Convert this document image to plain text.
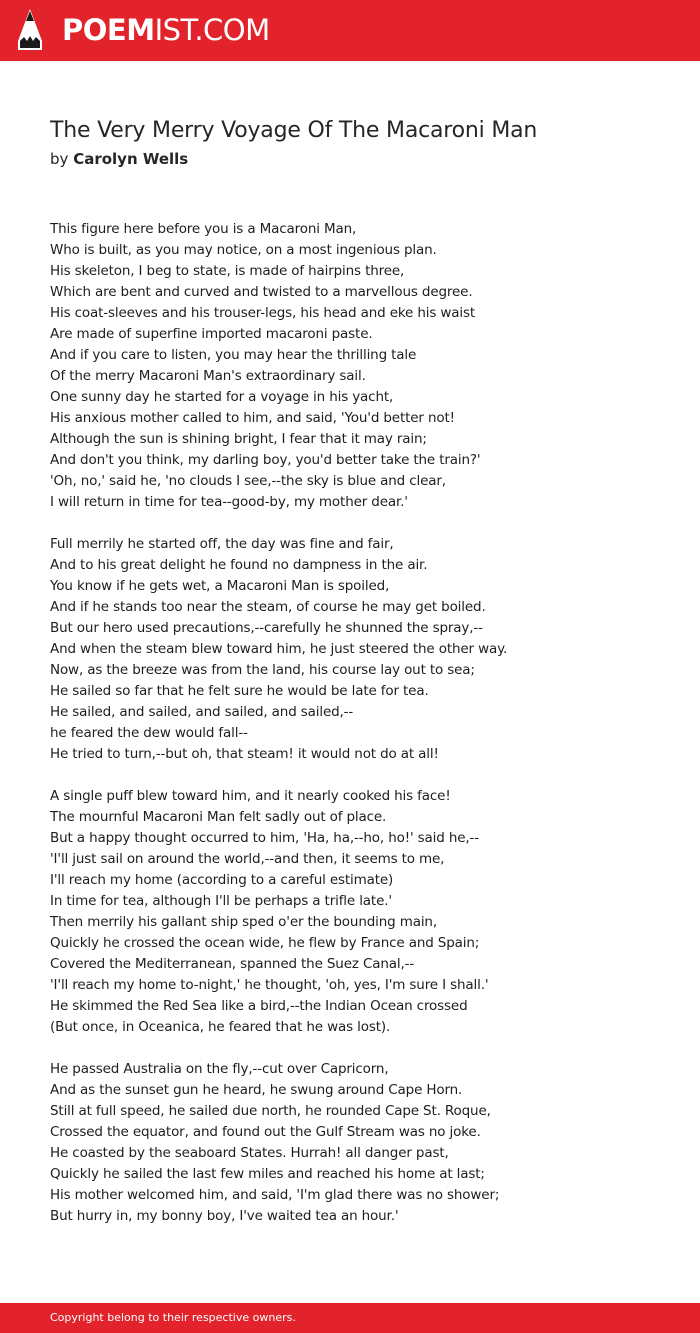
POEMIST.COM
The Very Merry Voyage Of The Macaroni Man
by Carolyn Wells
This figure here before you is a Macaroni Man,
Who is built, as you may notice, on a most ingenious plan.
His skeleton, I beg to state, is made of hairpins three,
Which are bent and curved and twisted to a marvellous degree.
His coat-sleeves and his trouser-legs, his head and eke his waist
Are made of superfine imported macaroni paste.
And if you care to listen, you may hear the thrilling tale
Of the merry Macaroni Man's extraordinary sail.
One sunny day he started for a voyage in his yacht,
His anxious mother called to him, and said, 'You'd better not!
Although the sun is shining bright, I fear that it may rain;
And don't you think, my darling boy, you'd better take the train?'
'Oh, no,' said he, 'no clouds I see,--the sky is blue and clear,
I will return in time for tea--good-by, my mother dear.'
Full merrily he started off, the day was fine and fair,
And to his great delight he found no dampness in the air.
You know if he gets wet, a Macaroni Man is spoiled,
And if he stands too near the steam, of course he may get boiled.
But our hero used precautions,--carefully he shunned the spray,--
And when the steam blew toward him, he just steered the other way.
Now, as the breeze was from the land, his course lay out to sea;
He sailed so far that he felt sure he would be late for tea.
He sailed, and sailed, and sailed, and sailed,--
he feared the dew would fall--
He tried to turn,--but oh, that steam! it would not do at all!
A single puff blew toward him, and it nearly cooked his face!
The mournful Macaroni Man felt sadly out of place.
But a happy thought occurred to him, 'Ha, ha,--ho, ho!' said he,--
'I'll just sail on around the world,--and then, it seems to me,
I'll reach my home (according to a careful estimate)
In time for tea, although I'll be perhaps a trifle late.'
Then merrily his gallant ship sped o'er the bounding main,
Quickly he crossed the ocean wide, he flew by France and Spain;
Covered the Mediterranean, spanned the Suez Canal,--
'I'll reach my home to-night,' he thought, 'oh, yes, I'm sure I shall.'
He skimmed the Red Sea like a bird,--the Indian Ocean crossed
(But once, in Oceanica, he feared that he was lost).
He passed Australia on the fly,--cut over Capricorn,
And as the sunset gun he heard, he swung around Cape Horn.
Still at full speed, he sailed due north, he rounded Cape St. Roque,
Crossed the equator, and found out the Gulf Stream was no joke.
He coasted by the seaboard States. Hurrah! all danger past,
Quickly he sailed the last few miles and reached his home at last;
His mother welcomed him, and said, 'I'm glad there was no shower;
But hurry in, my bonny boy, I've waited tea an hour.'
Copyright belong to their respective owners.
